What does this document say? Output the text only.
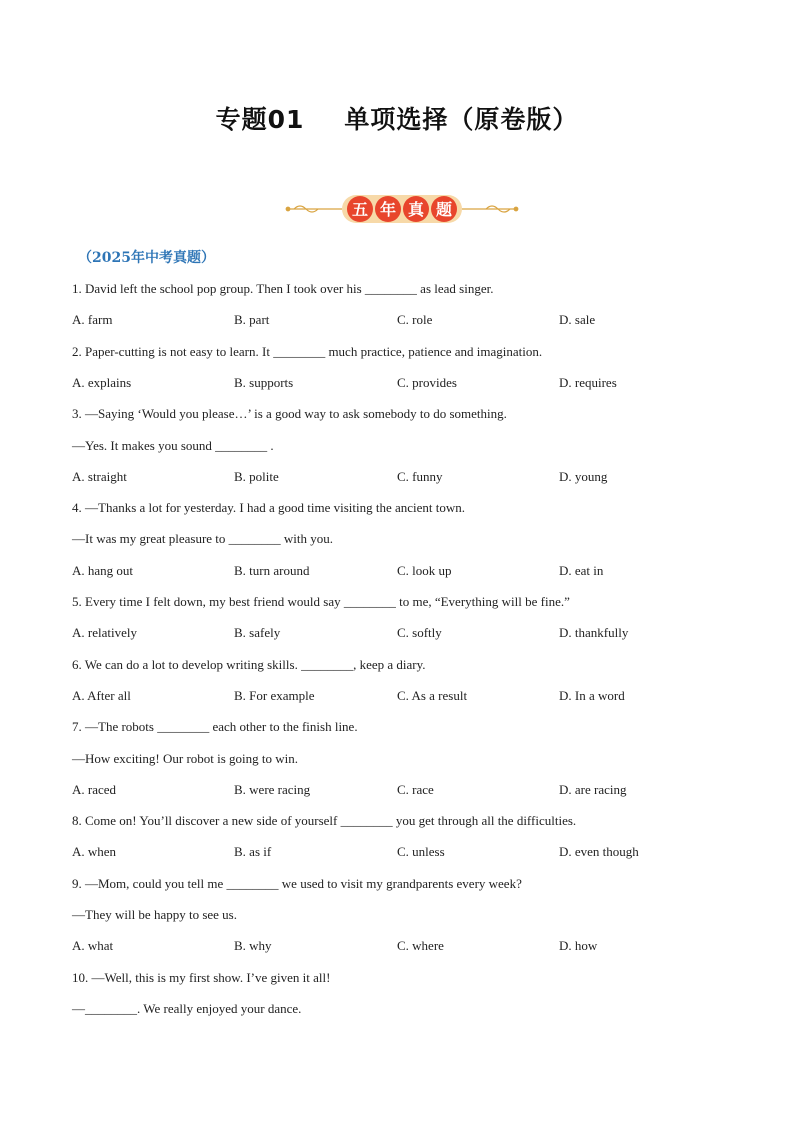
专题01 单项选择（原卷版）
五 年 真 题
（2025年中考真题）
1. David left the school pop group. Then I took over his ________ as lead singer.
A. farm	B. part	C. role	D. sale
2. Paper-cutting is not easy to learn. It ________ much practice, patience and imagination.
A. explains	B. supports	C. provides	D. requires
3. —Saying ‘Would you please…’ is a good way to ask somebody to do something.
—Yes. It makes you sound ________ .
A. straight	B. polite	C. funny	D. young
4. —Thanks a lot for yesterday. I had a good time visiting the ancient town.
—It was my great pleasure to ________ with you.
A. hang out	B. turn around	C. look up	D. eat in
5. Every time I felt down, my best friend would say ________ to me, “Everything will be fine.”
A. relatively	B. safely	C. softly	D. thankfully
6. We can do a lot to develop writing skills. ________, keep a diary.
A. After all	B. For example	C. As a result	D. In a word
7. —The robots ________ each other to the finish line.
—How exciting! Our robot is going to win.
A. raced	B. were racing	C. race	D. are racing
8. Come on! You’ll discover a new side of yourself ________ you get through all the difficulties.
A. when	B. as if	C. unless	D. even though
9. —Mom, could you tell me ________ we used to visit my grandparents every week?
—They will be happy to see us.
A. what	B. why	C. where	D. how
10. —Well, this is my first show. I’ve given it all!
—________. We really enjoyed your dance.
